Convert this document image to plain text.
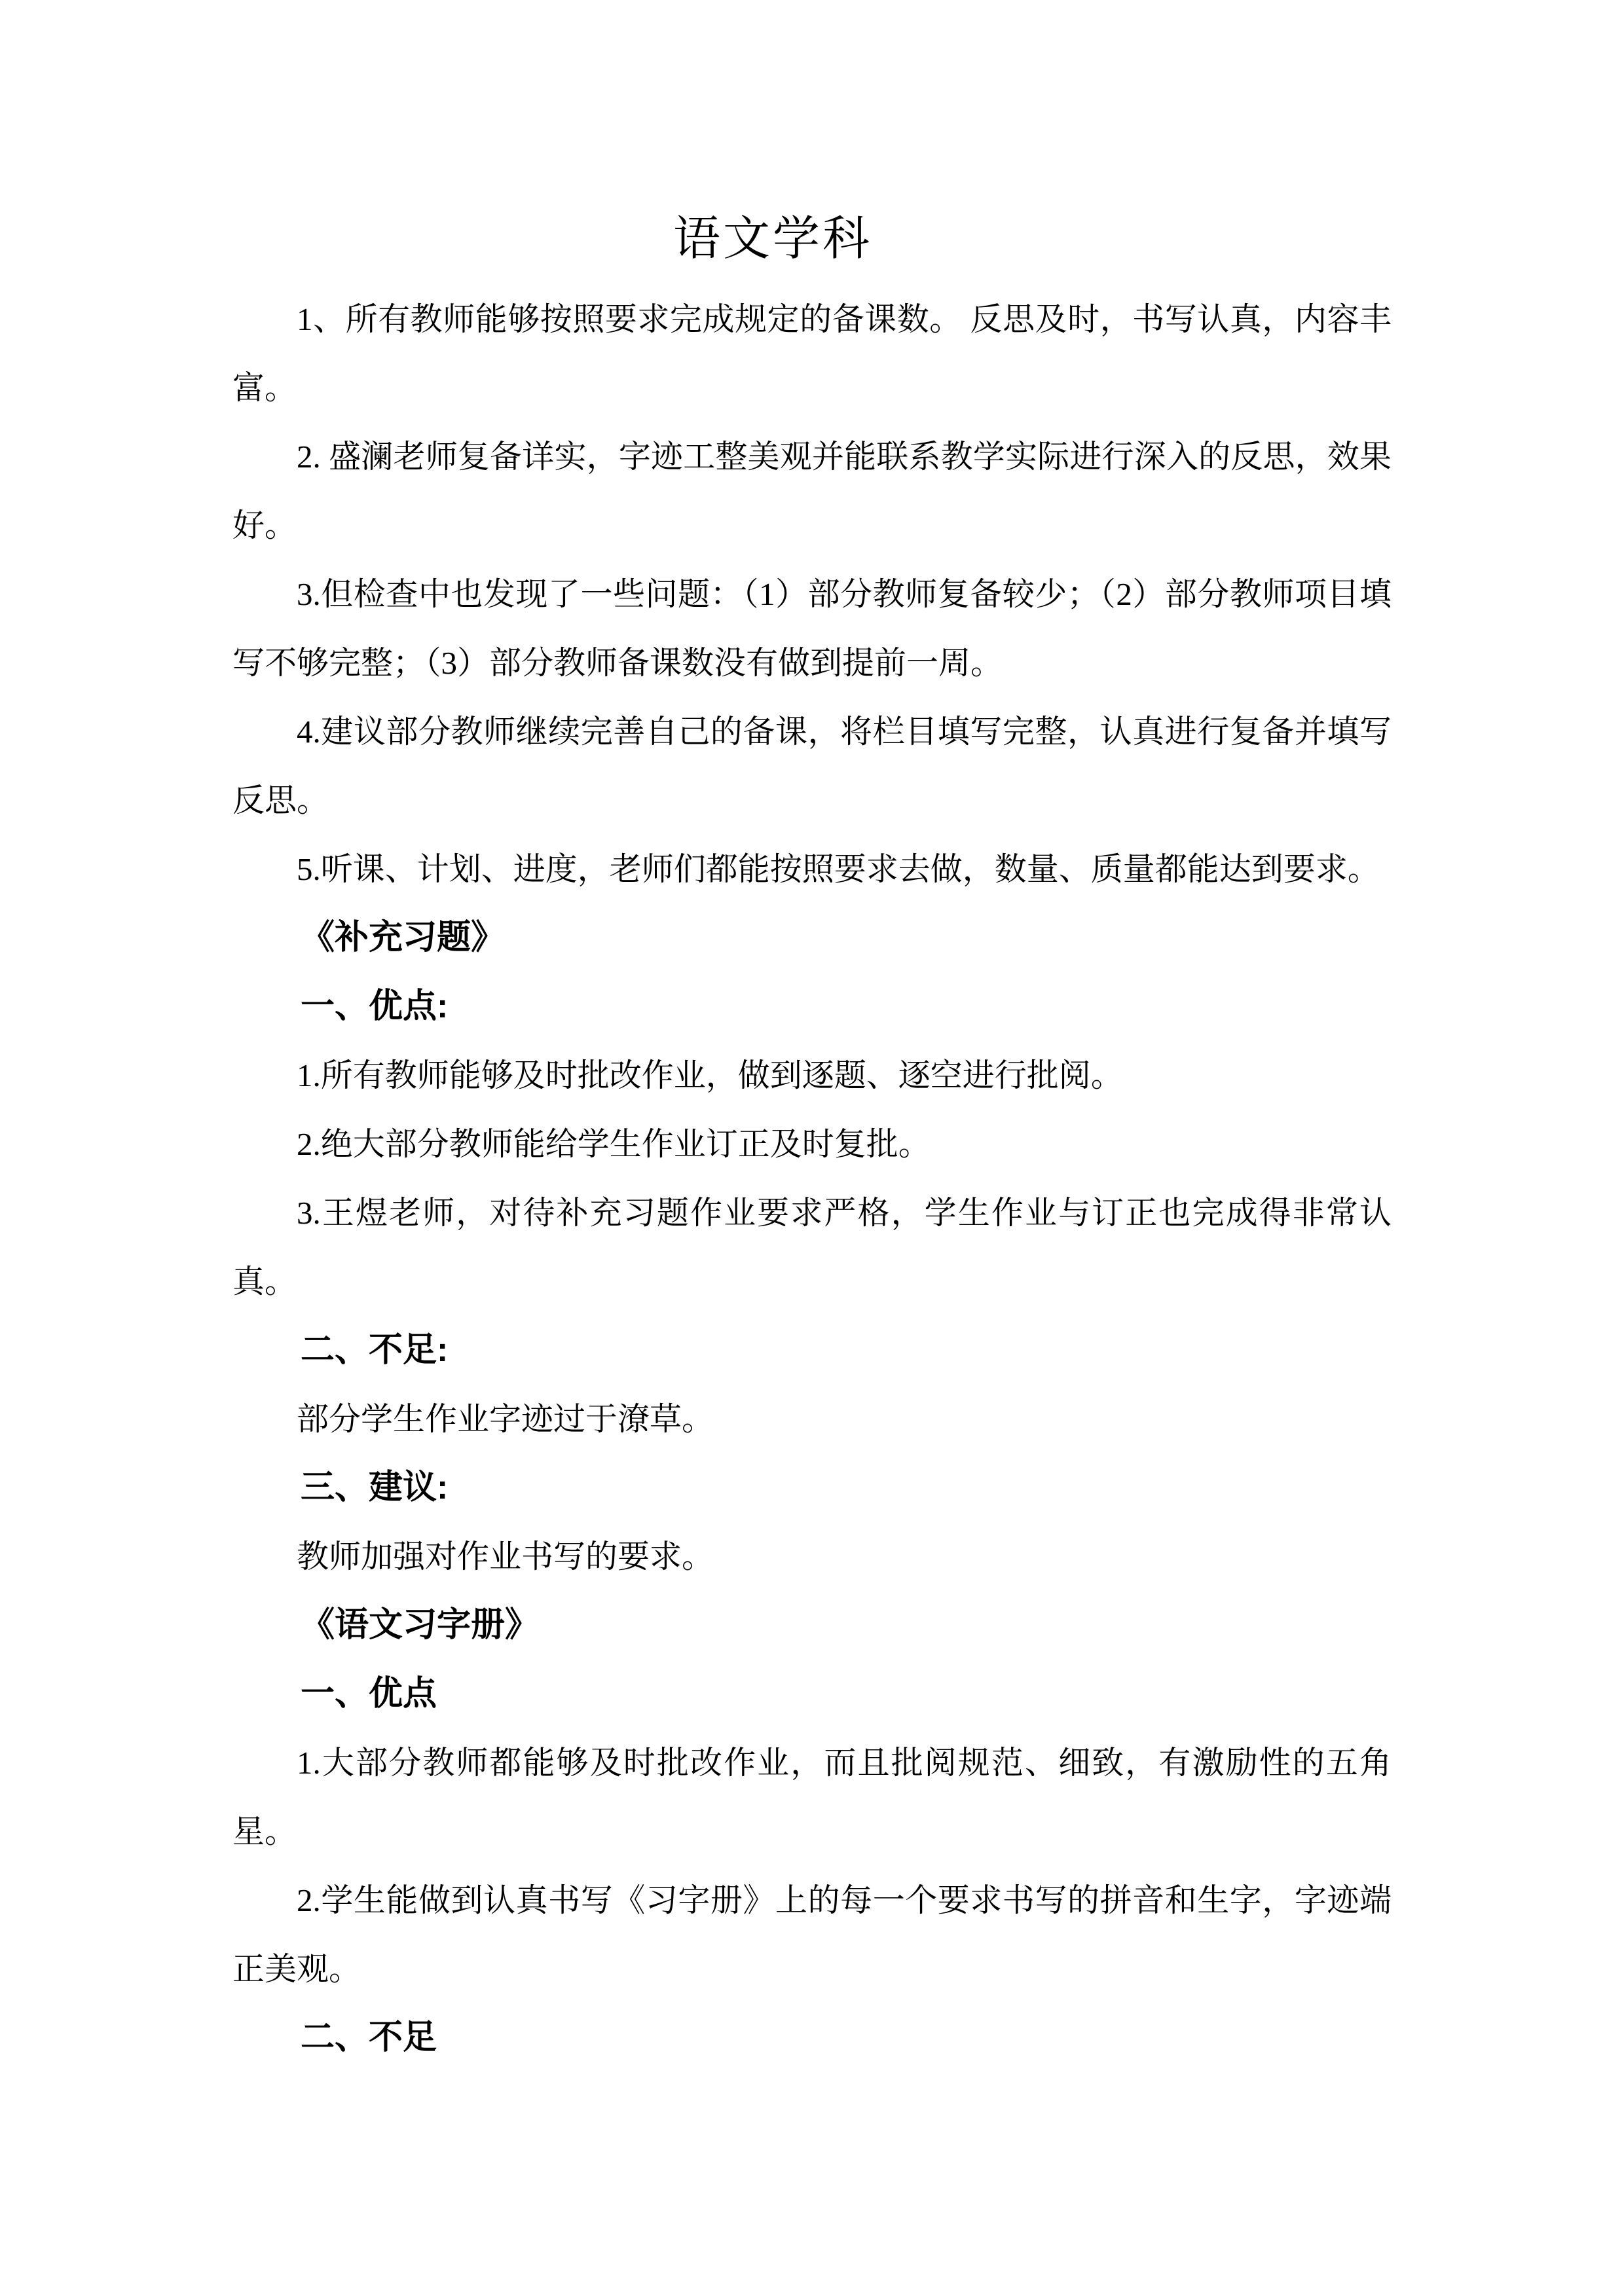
语文学科

1、所有教师能够按照要求完成规定的备课数。 反思及时，书写认真，内容丰富。

2. 盛澜老师复备详实，字迹工整美观并能联系教学实际进行深入的反思，效果好。

3.但检查中也发现了一些问题：（1）部分教师复备较少；（2）部分教师项目填写不够完整；（3）部分教师备课数没有做到提前一周。

4.建议部分教师继续完善自己的备课，将栏目填写完整，认真进行复备并填写反思。

5.听课、计划、进度，老师们都能按照要求去做，数量、质量都能达到要求。

《补充习题》

一、优点:

1.所有教师能够及时批改作业，做到逐题、逐空进行批阅。

2.绝大部分教师能给学生作业订正及时复批。

3.王煜老师，对待补充习题作业要求严格，学生作业与订正也完成得非常认真。

二、不足:

部分学生作业字迹过于潦草。

三、建议:

教师加强对作业书写的要求。

《语文习字册》

一、优点

1.大部分教师都能够及时批改作业，而且批阅规范、细致，有激励性的五角星。

2.学生能做到认真书写《习字册》上的每一个要求书写的拼音和生字，字迹端正美观。

二、不足
